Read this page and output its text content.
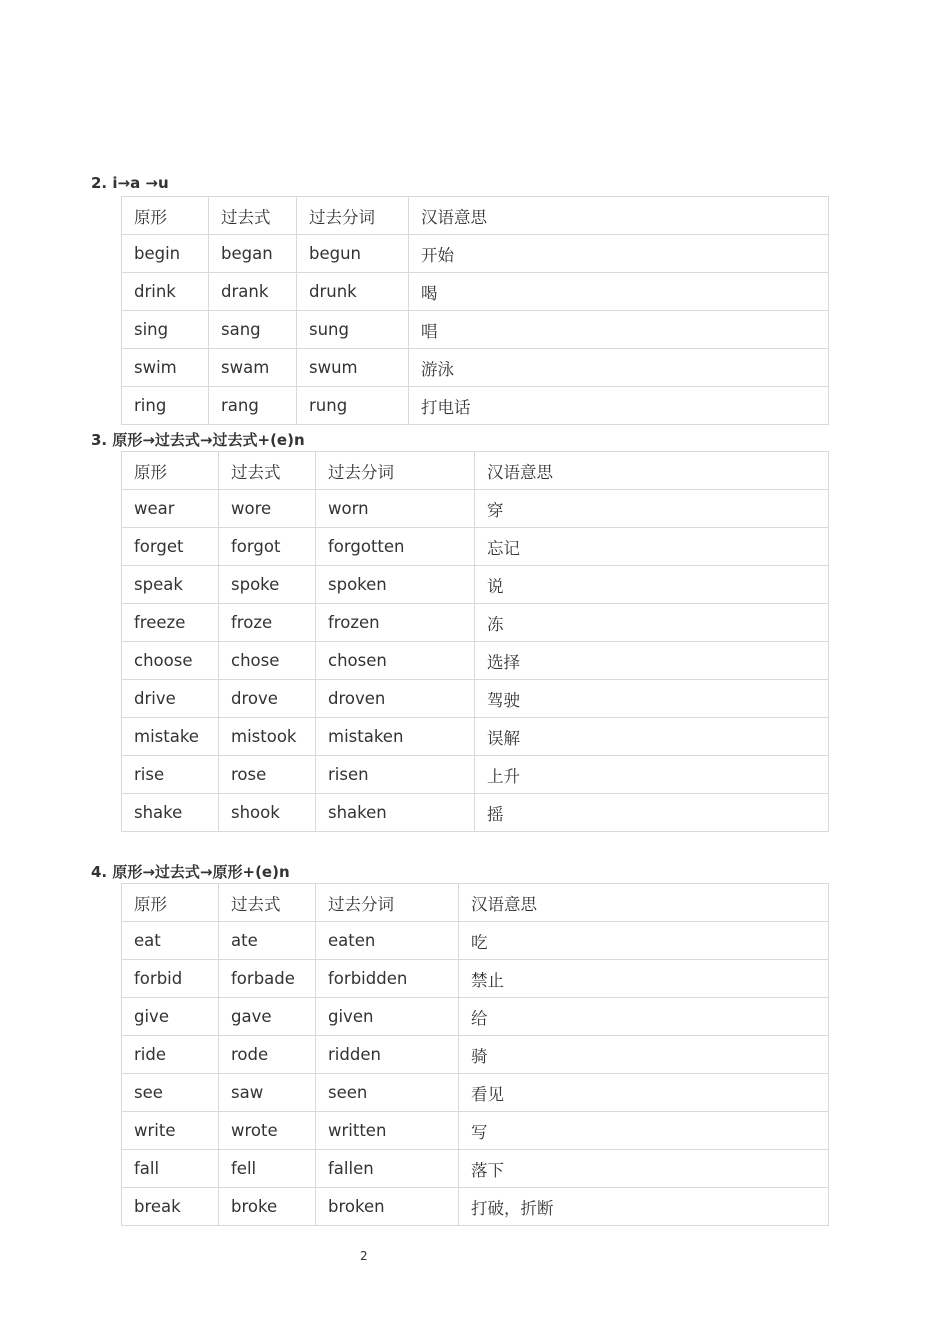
2. i→a →u
原形	过去式	过去分词	汉语意思
begin	began	begun	开始
drink	drank	drunk	喝
sing	sang	sung	唱
swim	swam	swum	游泳
ring	rang	rung	打电话
3. 原形→过去式→过去式+(e)n
原形	过去式	过去分词	汉语意思
wear	wore	worn	穿
forget	forgot	forgotten	忘记
speak	spoke	spoken	说
freeze	froze	frozen	冻
choose	chose	chosen	选择
drive	drove	droven	驾驶
mistake	mistook	mistaken	误解
rise	rose	risen	上升
shake	shook	shaken	摇
4. 原形→过去式→原形+(e)n
原形	过去式	过去分词	汉语意思
eat	ate	eaten	吃
forbid	forbade	forbidden	禁止
give	gave	given	给
ride	rode	ridden	骑
see	saw	seen	看见
write	wrote	written	写
fall	fell	fallen	落下
break	broke	broken	打破，折断
2
